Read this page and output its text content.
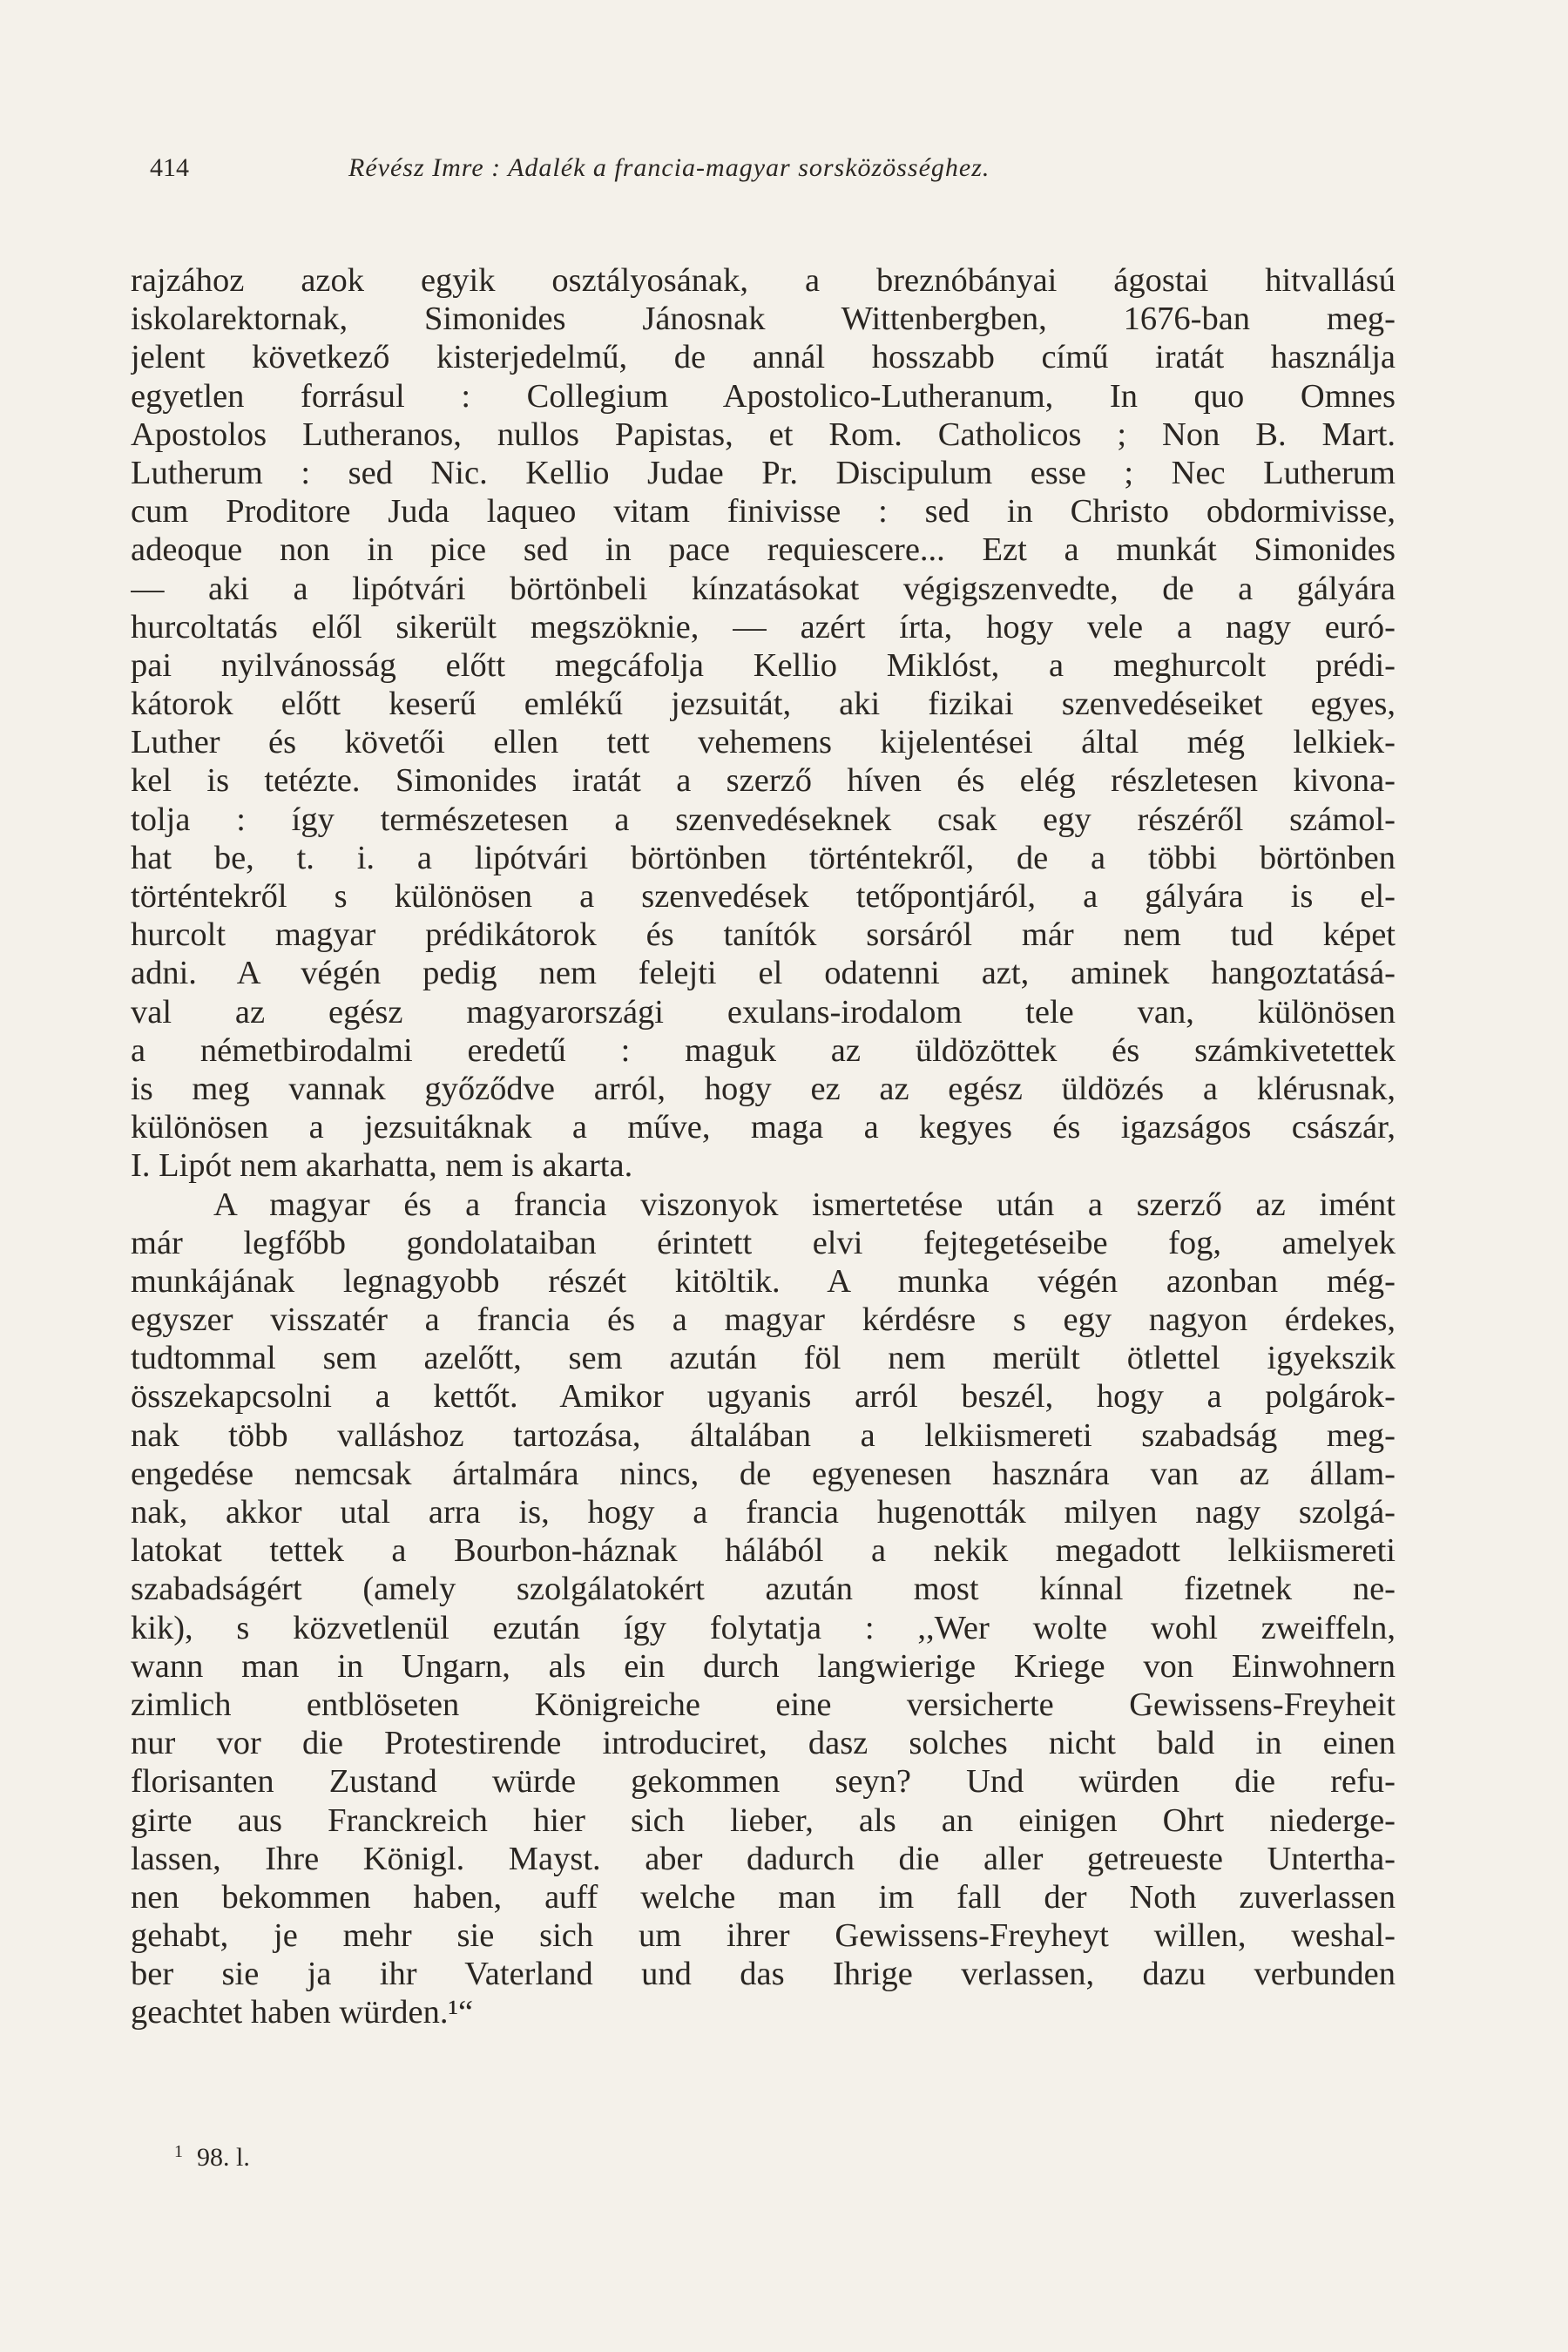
414	Révész Imre : Adalék a francia-magyar sorsközösséghez.
rajzához azok egyik osztályosának, a breznóbányai ágostai hitvallású
iskolarektornak, Simonides Jánosnak Wittenbergben, 1676-ban meg-
jelent következő kisterjedelmű, de annál hosszabb című iratát használja
egyetlen forrásul : Collegium Apostolico-Lutheranum, In quo Omnes
Apostolos Lutheranos, nullos Papistas, et Rom. Catholicos ; Non B. Mart.
Lutherum : sed Nic. Kellio Judae Pr. Discipulum esse ; Nec Lutherum
cum Proditore Juda laqueo vitam finivisse : sed in Christo obdormivisse,
adeoque non in pice sed in pace requiescere... Ezt a munkát Simonides
— aki a lipótvári börtönbeli kínzatásokat végigszenvedte, de a gályára
hurcoltatás elől sikerült megszöknie, — azért írta, hogy vele a nagy euró-
pai nyilvánosság előtt megcáfolja Kellio Miklóst, a meghurcolt prédi-
kátorok előtt keserű emlékű jezsuitát, aki fizikai szenvedéseiket egyes,
Luther és követői ellen tett vehemens kijelentései által még lelkiek-
kel is tetézte. Simonides iratát a szerző híven és elég részletesen kivona-
tolja : így természetesen a szenvedéseknek csak egy részéről számol-
hat be, t. i. a lipótvári börtönben történtekről, de a többi börtönben
történtekről s különösen a szenvedések tetőpontjáról, a gályára is el-
hurcolt magyar prédikátorok és tanítók sorsáról már nem tud képet
adni. A végén pedig nem felejti el odatenni azt, aminek hangoztatásá-
val az egész magyarországi exulans-irodalom tele van, különösen
a németbirodalmi eredetű : maguk az üldözöttek és számkivetettek
is meg vannak győződve arról, hogy ez az egész üldözés a klérusnak,
különösen a jezsuitáknak a műve, maga a kegyes és igazságos császár,
I. Lipót nem akarhatta, nem is akarta.
A magyar és a francia viszonyok ismertetése után a szerző az imént
már legfőbb gondolataiban érintett elvi fejtegetéseibe fog, amelyek
munkájának legnagyobb részét kitöltik. A munka végén azonban még-
egyszer visszatér a francia és a magyar kérdésre s egy nagyon érdekes,
tudtommal sem azelőtt, sem azután föl nem merült ötlettel igyekszik
összekapcsolni a kettőt. Amikor ugyanis arról beszél, hogy a polgárok-
nak több valláshoz tartozása, általában a lelkiismereti szabadság meg-
engedése nemcsak ártalmára nincs, de egyenesen hasznára van az állam-
nak, akkor utal arra is, hogy a francia hugenották milyen nagy szolgá-
latokat tettek a Bourbon-háznak hálából a nekik megadott lelkiismereti
szabadságért (amely szolgálatokért azután most kínnal fizetnek ne-
kik), s közvetlenül ezután így folytatja : ,,Wer wolte wohl zweiffeln,
wann man in Ungarn, als ein durch langwierige Kriege von Einwohnern
zimlich entblöseten Königreiche eine versicherte Gewissens-Freyheit
nur vor die Protestirende introduciret, dasz solches nicht bald in einen
florisanten Zustand würde gekommen seyn? Und würden die refu-
girte aus Franckreich hier sich lieber, als an einigen Ohrt niederge-
lassen, Ihre Königl. Mayst. aber dadurch die aller getreueste Untertha-
nen bekommen haben, auff welche man im fall der Noth zuverlassen
gehabt, je mehr sie sich um ihrer Gewissens-Freyheyt willen, weshal-
ber sie ja ihr Vaterland und das Ihrige verlassen, dazu verbunden
geachtet haben würden.¹“
$^1$ 98. l.
